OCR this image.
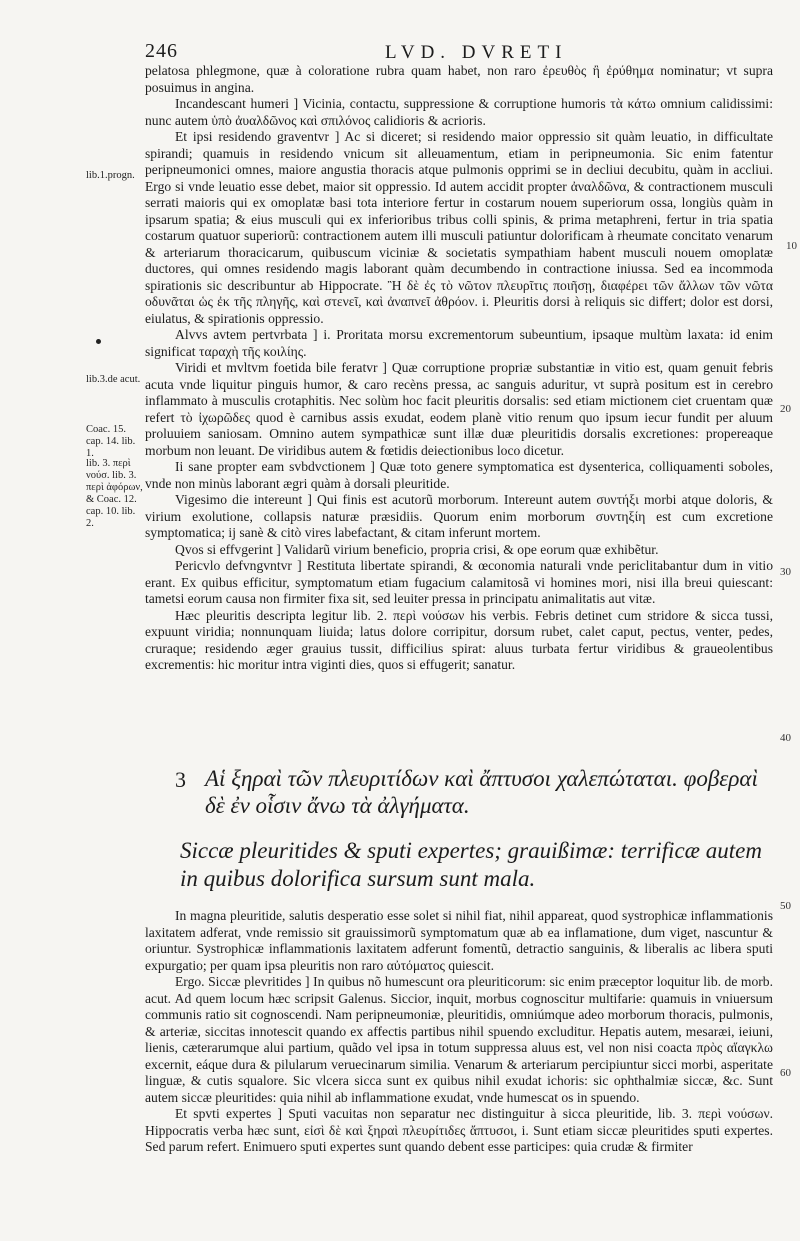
246	LVD. DVRETI
lib.1.progn.
lib.3.de acut.
Coac. 15. cap. 14. lib. 1.
lib. 3. περὶ νούσ. lib. 3. περὶ ἀφόρων, & Coac. 12. cap. 10. lib. 2.
10
20
30
40
50
60

pelatosa phlegmone, quæ à coloratione rubra quam habet, non raro ἐρευθὸς ἢ ἐρύθημα nominatur; vt supra posuimus in angina.

Incandescant humeri ] Vicinia, contactu, suppressione & corruptione humoris τὰ κάτω omnium calidissimi: nunc autem ὑπὸ ἀυαλδῶνος καὶ σπιλόνος calidioris & acrioris.

Et ipsi residendo graventvr ] Ac si diceret; si residendo maior oppressio sit quàm leuatio, in difficultate spirandi; quamuis in residendo vnicum sit alleuamentum, etiam in peripneumonia. Sic enim fatentur peripneumonici omnes, maiore angustia thoracis atque pulmonis opprimi se in decliui decubitu, quàm in accliui. Ergo si vnde leuatio esse debet, maior sit oppressio. Id autem accidit propter ἀναλδῶνα, & contractionem musculi serrati maioris qui ex omoplatæ basi tota interiore fertur in costarum nouem superiorum ossa, longiùs quàm in ipsarum spatia; & eius musculi qui ex inferioribus tribus colli spinis, & prima metaphreni, fertur in tria spatia costarum quatuor superiorũ: contractionem autem illi musculi patiuntur dolorificam à rheumate concitato venarum & arteriarum thoracicarum, quibuscum viciniæ & societatis sympathiam habent musculi nouem omoplatæ ductores, qui omnes residendo magis laborant quàm decumbendo in contractione iniussa. Sed ea incommoda spirationis sic describuntur ab Hippocrate. Ἢ δὲ ἐς τὸ νῶτον πλευρῖτις ποιῆσῃ, διαφέρει τῶν ἄλλων τῶν νῶτα οδυνᾶται ὡς ἐκ τῆς πληγῆς, καὶ στενεῖ, καὶ ἀναπνεῖ ἀθρόον. i. Pleuritis dorsi à reliquis sic differt; dolor est dorsi, eiulatus, & spirationis oppressio.

Alvvs avtem pertvrbata ] i. Proritata morsu excrementorum subeuntium, ipsaque multùm laxata: id enim significat ταραχὴ τῆς κοιλίης.

Viridi et mvltvm foetida bile feratvr ] Quæ corruptione propriæ substantiæ in vitio est, quam genuit febris acuta vnde liquitur pinguis humor, & caro recèns pressa, ac sanguis aduritur, vt suprà positum est in cerebro inflammato à musculis crotaphitis. Nec solùm hoc facit pleuritis dorsalis: sed etiam mictionem ciet cruentam quæ refert τὸ ἰχωρῶδες quod è carnibus assis exudat, eodem planè vitio renum quo ipsum iecur fundit per aluum proluuiem saniosam. Omnino autem sympathicæ sunt illæ duæ pleuritidis dorsalis excretiones: propereaque morbum non leuant. De viridibus autem & fœtidis deiectionibus loco dicetur.

Ii sane propter eam svbdvctionem ] Quæ toto genere symptomatica est dysenterica, colliquamenti soboles, vnde non minùs laborant ægri quàm à dorsali pleuritide.

Vigesimo die intereunt ] Qui finis est acutorũ morborum. Intereunt autem συντήξι morbi atque doloris, & virium exolutione, collapsis naturæ præsidiis. Quorum enim morborum συντηξίη est cum excretione symptomatica; ij sanè & citò vires labefactant, & citam inferunt mortem.

Qvos si effvgerint ] Validarũ virium beneficio, propria crisi, & ope eorum quæ exhibẽtur.

Pericvlo defvngvntvr ] Restituta libertate spirandi, & œconomia naturali vnde periclitabantur dum in vitio erant. Ex quibus efficitur, symptomatum etiam fugacium calamitosã vi homines mori, nisi illa breui quiescant: tametsi eorum causa non firmiter fixa sit, sed leuiter pressa in principatu animalitatis aut vitæ.

Hæc pleuritis descripta legitur lib. 2. περὶ νούσων his verbis. Febris detinet cum stridore & sicca tussi, expuunt viridia; nonnunquam liuida; latus dolore corripitur, dorsum rubet, calet caput, pectus, venter, pedes, cruraque; residendo æger grauius tussit, difficilius spirat: aluus turbata fertur viridibus & graueolentibus excrementis: hic moritur intra viginti dies, quos si effugerit; sanatur.

3 Αἱ ξηραὶ τῶν πλευριτίδων καὶ ἄπτυσοι χαλεπώταται. φοβεραὶ δὲ ἐν οἷσιν ἄνω τὰ ἀλγήματα.
Siccæ pleuritides & sputi expertes; grauißimæ: terrificæ autem in quibus dolorifica sursum sunt mala.

In magna pleuritide, salutis desperatio esse solet si nihil fiat, nihil appareat, quod systrophicæ inflammationis laxitatem adferat, vnde remissio sit grauissimorũ symptomatum quæ ab ea inflamatione, dum viget, nascuntur & oriuntur. Systrophicæ inflammationis laxitatem adferunt fomentũ, detractio sanguinis, & liberalis ac libera sputi expurgatio; per quam ipsa pleuritis non raro αὐτόματος quiescit.

Ergo. Siccæ plevritides ] In quibus nõ humescunt ora pleuriticorum: sic enim præceptor loquitur lib. de morb. acut. Ad quem locum hæc scripsit Galenus. Siccior, inquit, morbus cognoscitur multifarie: quamuis in vniuersum communis ratio sit cognoscendi. Nam peripneumoniæ, pleuritidis, omniúmque adeo morborum thoracis, pulmonis, & arteriæ, siccitas innotescit quando ex affectis partibus nihil spuendo excluditur. Hepatis autem, mesaræi, ieiuni, lienis, cæterarumque alui partium, quãdo vel ipsa in totum suppressa aluus est, vel non nisi coacta πρὸς αἵαγκλω excernit, eáque dura & pilularum veruecinarum similia. Venarum & arteriarum percipiuntur sicci morbi, asperitate linguæ, & cutis squalore. Sic vlcera sicca sunt ex quibus nihil exudat ichoris: sic ophthalmiæ siccæ, &c. Sunt autem siccæ pleuritides: quia nihil ab inflammatione exudat, vnde humescat os in spuendo.

Et spvti expertes ] Sputi vacuitas non separatur nec distinguitur à sicca pleuritide, lib. 3. περὶ νούσων. Hippocratis verba hæc sunt, εἰσὶ δὲ καὶ ξηραὶ πλευρίτιδες ἄπτυσοι, i. Sunt etiam siccæ pleuritides sputi expertes. Sed parum refert. Enimuero sputi expertes sunt quando debent esse participes: quia crudæ & firmiter
